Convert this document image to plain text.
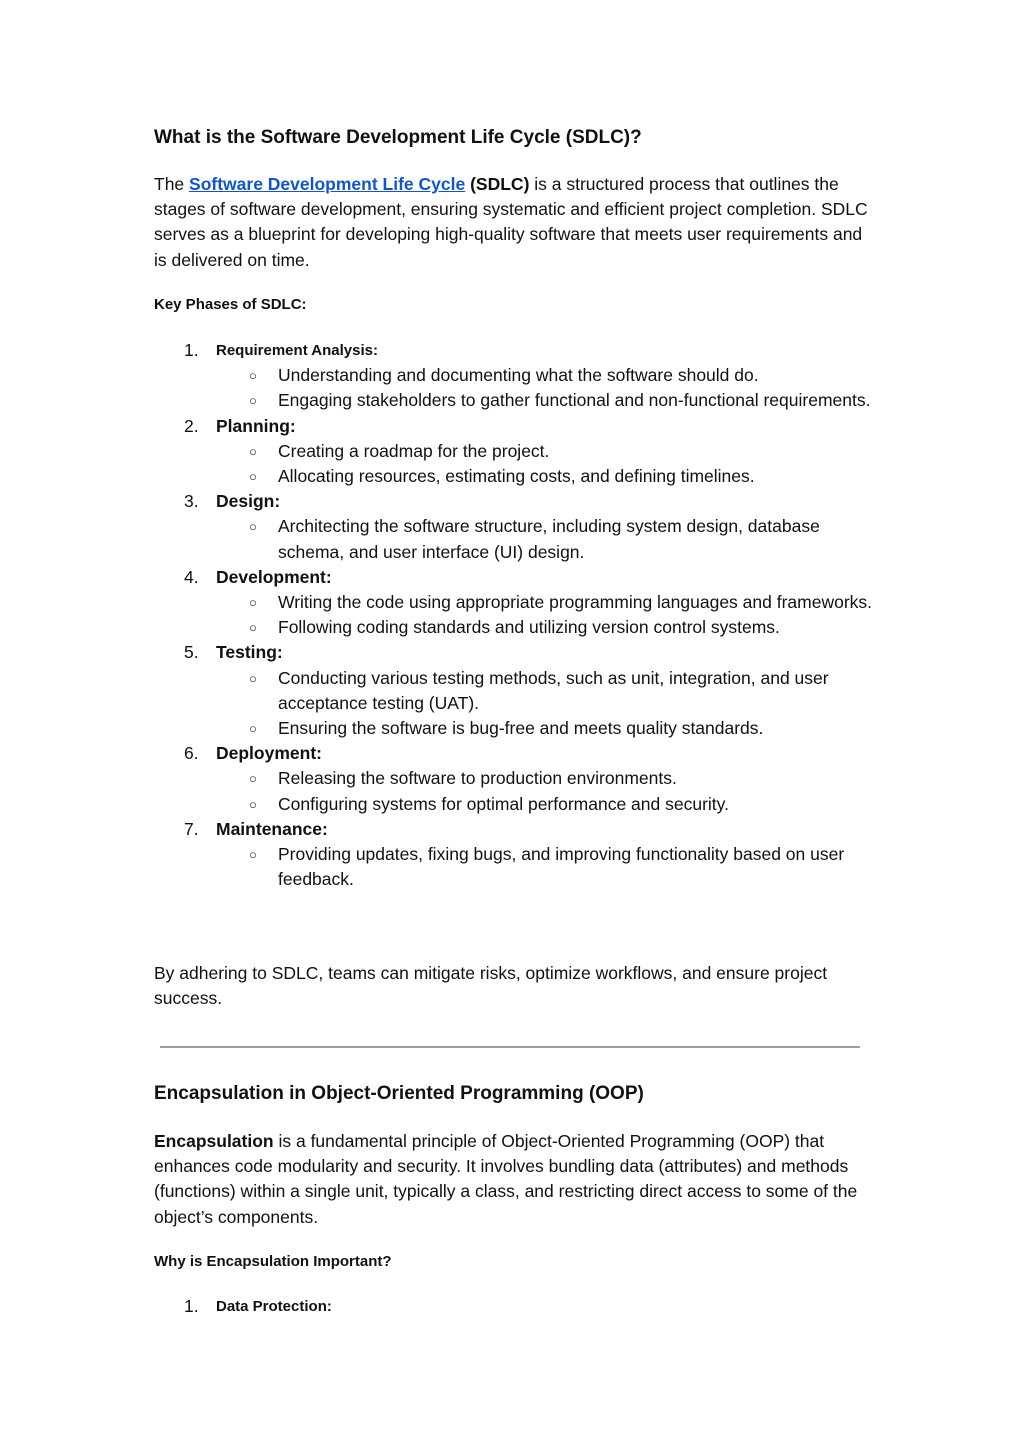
What is the Software Development Life Cycle (SDLC)?

The Software Development Life Cycle (SDLC) is a structured process that outlines the stages of software development, ensuring systematic and efficient project completion. SDLC serves as a blueprint for developing high-quality software that meets user requirements and is delivered on time.

Key Phases of SDLC:
1.	Requirement Analysis:
○ Understanding and documenting what the software should do.
○ Engaging stakeholders to gather functional and non-functional requirements.
2. Planning:
○ Creating a roadmap for the project.
○ Allocating resources, estimating costs, and defining timelines.
3. Design:
○ Architecting the software structure, including system design, database schema, and user interface (UI) design.
4. Development:
○ Writing the code using appropriate programming languages and frameworks.
○ Following coding standards and utilizing version control systems.
5. Testing:
○ Conducting various testing methods, such as unit, integration, and user acceptance testing (UAT).
○ Ensuring the software is bug-free and meets quality standards.
6. Deployment:
○ Releasing the software to production environments.
○ Configuring systems for optimal performance and security.
7. Maintenance:
○ Providing updates, fixing bugs, and improving functionality based on user feedback.

By adhering to SDLC, teams can mitigate risks, optimize workflows, and ensure project success.

Encapsulation in Object-Oriented Programming (OOP)

Encapsulation is a fundamental principle of Object-Oriented Programming (OOP) that enhances code modularity and security. It involves bundling data (attributes) and methods (functions) within a single unit, typically a class, and restricting direct access to some of the object’s components.

Why is Encapsulation Important?
1.	Data Protection:
